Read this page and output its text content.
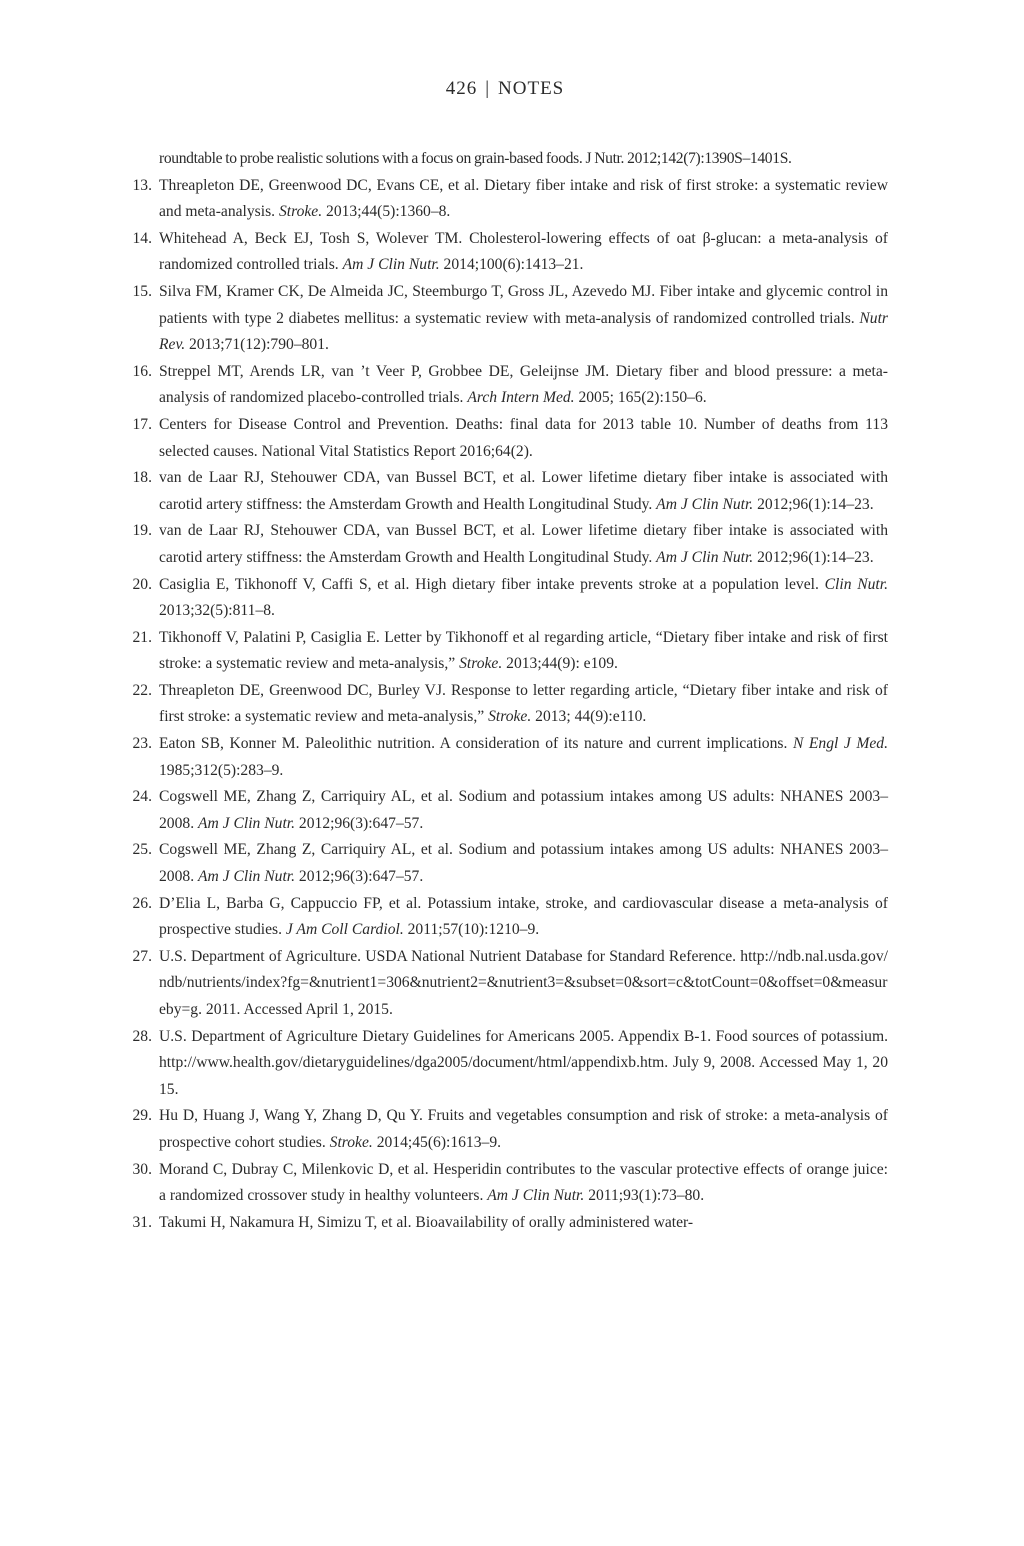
426 | NOTES
roundtable to probe realistic solutions with a focus on grain-based foods. J Nutr. 2012;142(7):1390S–1401S.
13. Threapleton DE, Greenwood DC, Evans CE, et al. Dietary fiber intake and risk of first stroke: a systematic review and meta-analysis. Stroke. 2013;44(5):1360–8.
14. Whitehead A, Beck EJ, Tosh S, Wolever TM. Cholesterol-lowering effects of oat β-glucan: a meta-analysis of randomized controlled trials. Am J Clin Nutr. 2014;100(6):1413–21.
15. Silva FM, Kramer CK, De Almeida JC, Steemburgo T, Gross JL, Azevedo MJ. Fiber intake and glycemic control in patients with type 2 diabetes mellitus: a systematic review with meta-analysis of randomized controlled trials. Nutr Rev. 2013;71(12):790–801.
16. Streppel MT, Arends LR, van ’t Veer P, Grobbee DE, Geleijnse JM. Dietary fiber and blood pressure: a meta-analysis of randomized placebo-controlled trials. Arch Intern Med. 2005; 165(2):150–6.
17. Centers for Disease Control and Prevention. Deaths: final data for 2013 table 10. Number of deaths from 113 selected causes. National Vital Statistics Report 2016;64(2).
18. van de Laar RJ, Stehouwer CDA, van Bussel BCT, et al. Lower lifetime dietary fiber intake is associated with carotid artery stiffness: the Amsterdam Growth and Health Longitudinal Study. Am J Clin Nutr. 2012;96(1):14–23.
19. van de Laar RJ, Stehouwer CDA, van Bussel BCT, et al. Lower lifetime dietary fiber intake is associated with carotid artery stiffness: the Amsterdam Growth and Health Longitudinal Study. Am J Clin Nutr. 2012;96(1):14–23.
20. Casiglia E, Tikhonoff V, Caffi S, et al. High dietary fiber intake prevents stroke at a population level. Clin Nutr. 2013;32(5):811–8.
21. Tikhonoff V, Palatini P, Casiglia E. Letter by Tikhonoff et al regarding article, “Dietary fiber intake and risk of first stroke: a systematic review and meta-analysis,” Stroke. 2013;44(9): e109.
22. Threapleton DE, Greenwood DC, Burley VJ. Response to letter regarding article, “Dietary fiber intake and risk of first stroke: a systematic review and meta-analysis,” Stroke. 2013; 44(9):e110.
23. Eaton SB, Konner M. Paleolithic nutrition. A consideration of its nature and current implications. N Engl J Med. 1985;312(5):283–9.
24. Cogswell ME, Zhang Z, Carriquiry AL, et al. Sodium and potassium intakes among US adults: NHANES 2003–2008. Am J Clin Nutr. 2012;96(3):647–57.
25. Cogswell ME, Zhang Z, Carriquiry AL, et al. Sodium and potassium intakes among US adults: NHANES 2003–2008. Am J Clin Nutr. 2012;96(3):647–57.
26. D’Elia L, Barba G, Cappuccio FP, et al. Potassium intake, stroke, and cardiovascular disease a meta-analysis of prospective studies. J Am Coll Cardiol. 2011;57(10):1210–9.
27. U.S. Department of Agriculture. USDA National Nutrient Database for Standard Reference. http://ndb.nal.usda.gov/ndb/nutrients/index?fg=&nutrient1=306&nutrient2=&nutrient3=&subset=0&sort=c&totCount=0&offset=0&measureby=g. 2011. Accessed April 1, 2015.
28. U.S. Department of Agriculture Dietary Guidelines for Americans 2005. Appendix B-1. Food sources of potassium. http://www.health.gov/dietaryguidelines/dga2005/document/html/appendixb.htm. July 9, 2008. Accessed May 1, 2015.
29. Hu D, Huang J, Wang Y, Zhang D, Qu Y. Fruits and vegetables consumption and risk of stroke: a meta-analysis of prospective cohort studies. Stroke. 2014;45(6):1613–9.
30. Morand C, Dubray C, Milenkovic D, et al. Hesperidin contributes to the vascular protective effects of orange juice: a randomized crossover study in healthy volunteers. Am J Clin Nutr. 2011;93(1):73–80.
31. Takumi H, Nakamura H, Simizu T, et al. Bioavailability of orally administered water-
